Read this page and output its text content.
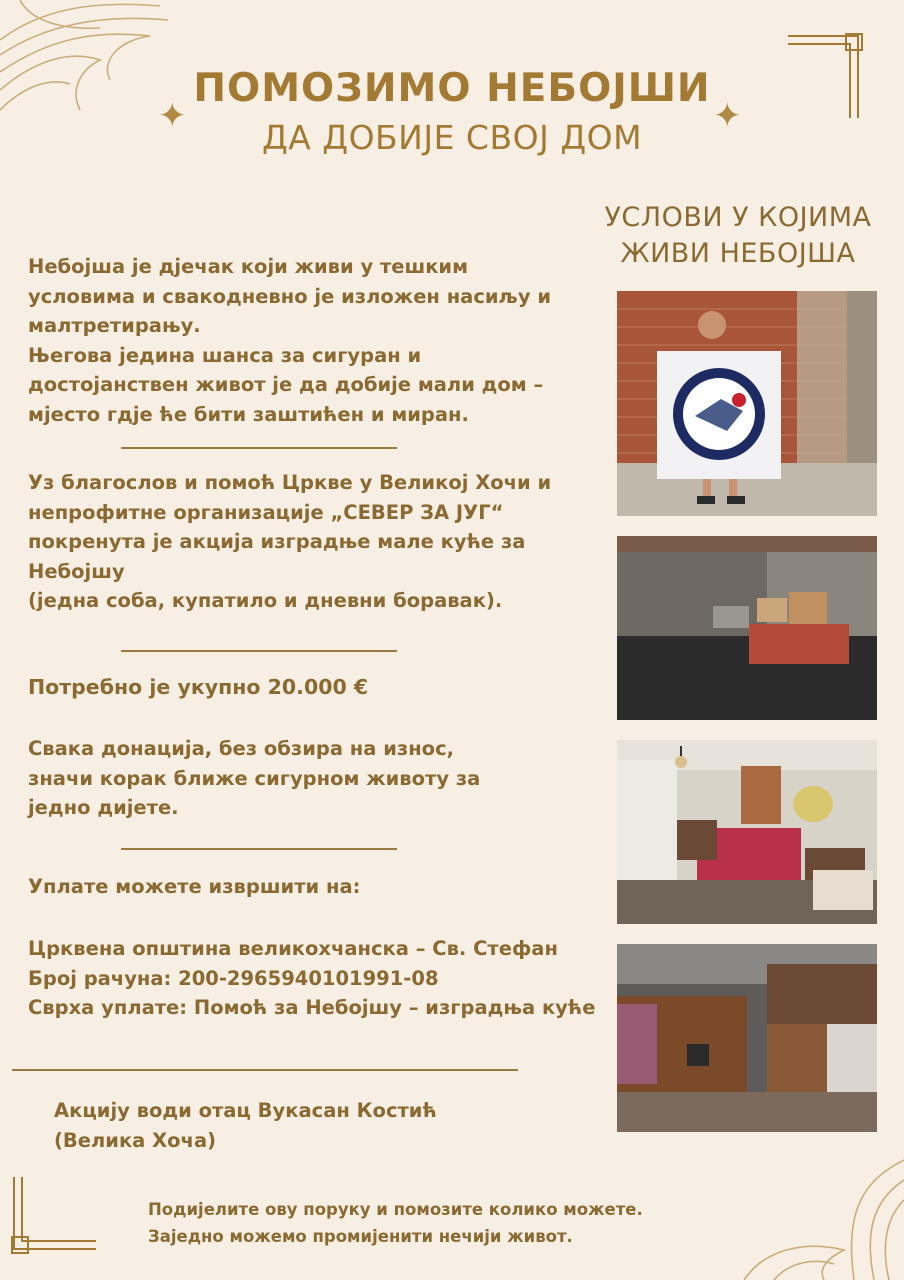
ПОМОЗИМО НЕБОЈШИ
ДА ДОБИЈЕ СВОЈ ДОМ
✦	✦
УСЛОВИ У КОЈИМА
ЖИВИ НЕБОЈША
Небојша је дјечак који живи у тешким
условима и свакодневно је изложен насиљу и
малтретирању.
Његова једина шанса за сигуран и
достојанствен живот је да добије мали дом –
мјесто гдје ће бити заштићен и миран.
Уз благослов и помоћ Цркве у Великој Хочи и
непрофитне организације „СЕВЕР ЗА ЈУГ“
покренута је акција изградње мале куће за
Небојшу
(једна соба, купатило и дневни боравак).
Потребно је укупно 20.000 €
Свака донација, без обзира на износ,
значи корак ближе сигурном животу за
једно дијете.
Уплате можете извршити на:
Црквена општина великохчанска – Св. Стефан
Број рачуна: 200-2965940101991-08
Сврха уплате: Помоћ за Небојшу – изградња куће
Акцију води отац Вукасан Костић
(Велика Хоча)
Подијелите ову поруку и помозите колико можете.
Заједно можемо промијенити нечији живот.
